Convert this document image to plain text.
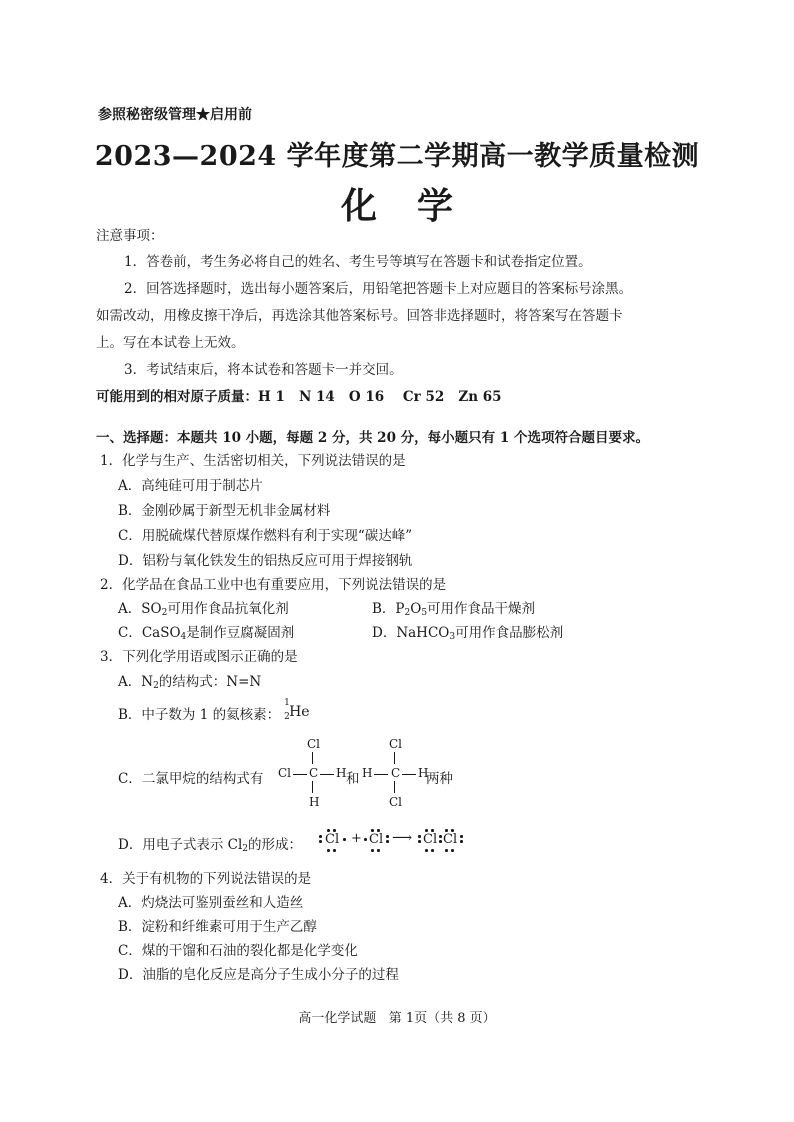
参照秘密级管理★启用前
2023—2024 学年度第二学期高一教学质量检测
化学
注意事项：
1．答卷前，考生务必将自己的姓名、考生号等填写在答题卡和试卷指定位置。
2．回答选择题时，选出每小题答案后，用铅笔把答题卡上对应题目的答案标号涂黑。
如需改动，用橡皮擦干净后，再选涂其他答案标号。回答非选择题时，将答案写在答题卡
上。写在本试卷上无效。
3．考试结束后，将本试卷和答题卡一并交回。
可能用到的相对原子质量：H 1   N 14   O 16    Cr 52   Zn 65
一、选择题：本题共 10 小题，每题 2 分，共 20 分，每小题只有 1 个选项符合题目要求。
1．化学与生产、生活密切相关，下列说法错误的是
A．高纯硅可用于制芯片
B．金刚砂属于新型无机非金属材料
C．用脱硫煤代替原煤作燃料有利于实现“碳达峰”
D．铝粉与氧化铁发生的铝热反应可用于焊接钢轨
2．化学品在食品工业中也有重要应用，下列说法错误的是
A．$SO_2$可用作食品抗氧化剂	B．$P_2O_5$可用作食品干燥剂
C．CaSO$_4$是制作豆腐凝固剂	D．NaHCO$_3$可用作食品膨松剂
3．下列化学用语或图示正确的是
A．$N_2$的结构式：N=N
B．中子数为 1 的氦核素：
1
2 He
C．二氯甲烷的结构式有
Cl
Cl C H
H
和
Cl
H C H
Cl
两种
D．用电子式表示 $Cl_2$的形成： Cl + Cl ⟶ Cl Cl
4．关于有机物的下列说法错误的是
A．灼烧法可鉴别蚕丝和人造丝
B．淀粉和纤维素可用于生产乙醇
C．煤的干馏和石油的裂化都是化学变化
D．油脂的皂化反应是高分子生成小分子的过程
高一化学试题   第 1页（共 8 页）
